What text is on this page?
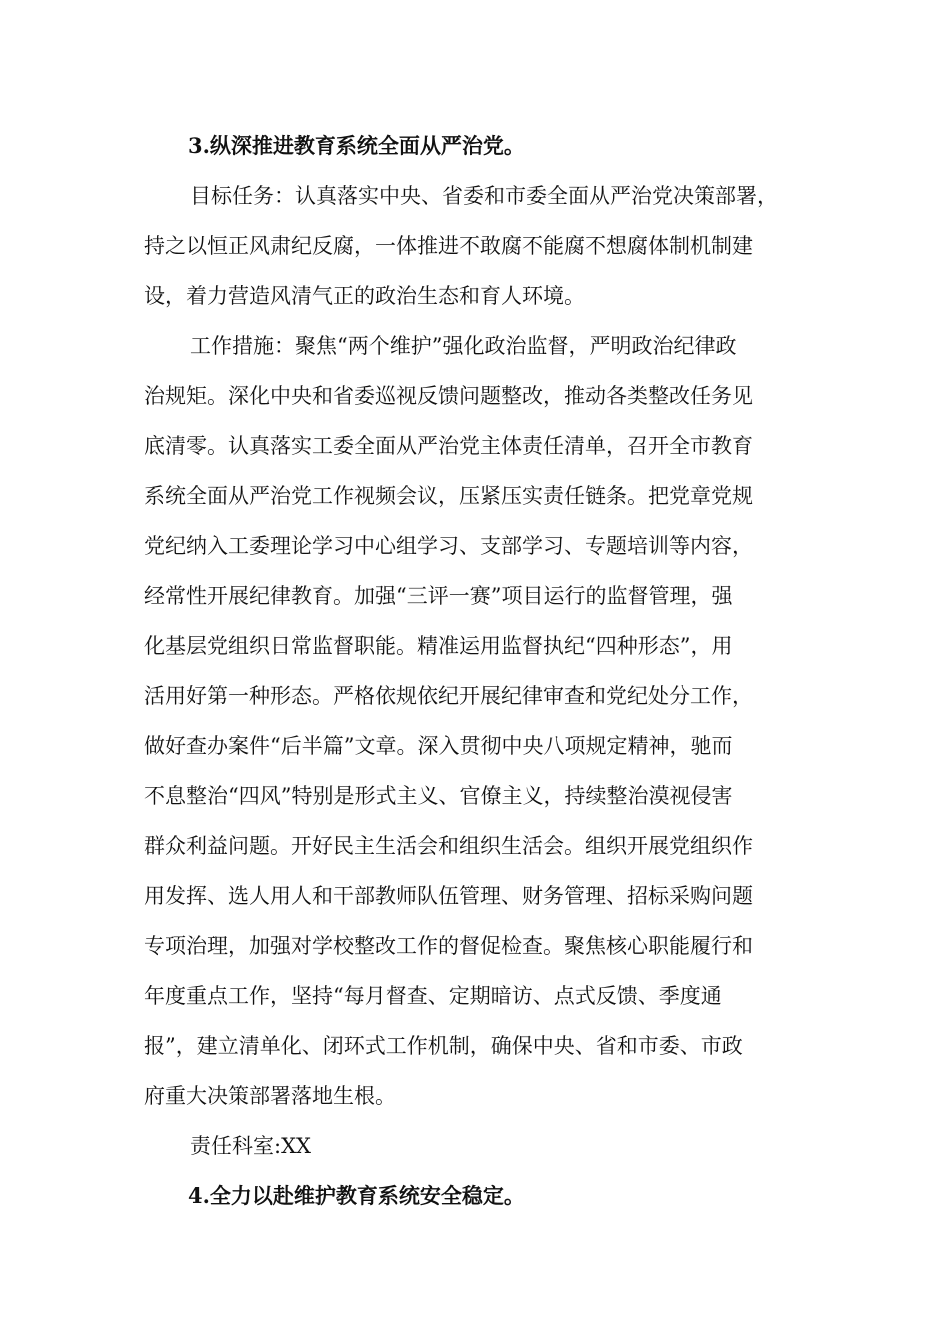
3.纵深推进教育系统全面从严治党。
目标任务：认真落实中央、省委和市委全面从严治党决策部署，
持之以恒正风肃纪反腐，一体推进不敢腐不能腐不想腐体制机制建
设，着力营造风清气正的政治生态和育人环境。
工作措施：聚焦“两个维护”强化政治监督，严明政治纪律政
治规矩。深化中央和省委巡视反馈问题整改，推动各类整改任务见
底清零。认真落实工委全面从严治党主体责任清单，召开全市教育
系统全面从严治党工作视频会议，压紧压实责任链条。把党章党规
党纪纳入工委理论学习中心组学习、支部学习、专题培训等内容，
经常性开展纪律教育。加强“三评一赛”项目运行的监督管理，强
化基层党组织日常监督职能。精准运用监督执纪“四种形态”，用
活用好第一种形态。严格依规依纪开展纪律审查和党纪处分工作，
做好查办案件“后半篇”文章。深入贯彻中央八项规定精神，驰而
不息整治“四风”特别是形式主义、官僚主义，持续整治漠视侵害
群众利益问题。开好民主生活会和组织生活会。组织开展党组织作
用发挥、选人用人和干部教师队伍管理、财务管理、招标采购问题
专项治理，加强对学校整改工作的督促检查。聚焦核心职能履行和
年度重点工作，坚持“每月督查、定期暗访、点式反馈、季度通
报”，建立清单化、闭环式工作机制，确保中央、省和市委、市政
府重大决策部署落地生根。
责任科室:XX
4.全力以赴维护教育系统安全稳定。
